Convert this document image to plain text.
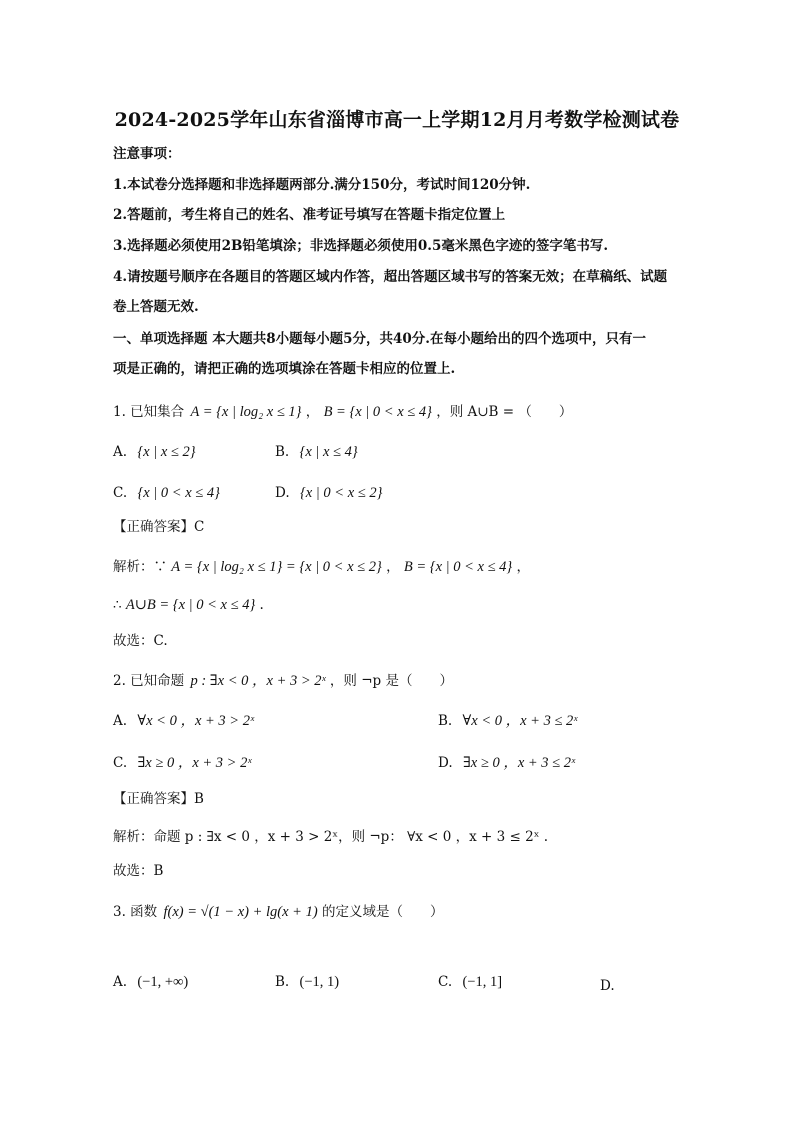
2024-2025学年山东省淄博市高一上学期12月月考数学检测试卷
注意事项：
1.本试卷分选择题和非选择题两部分.满分150分，考试时间120分钟.
2.答题前，考生将自己的姓名、准考证号填写在答题卡指定位置上
3.选择题必须使用2B铅笔填涂；非选择题必须使用0.5毫米黑色字迹的签字笔书写.
4.请按题号顺序在各题目的答题区域内作答，超出答题区域书写的答案无效；在草稿纸、试题
卷上答题无效.
一、单项选择题 本大题共8小题每小题5分，共40分.在每小题给出的四个选项中，只有一
项是正确的，请把正确的选项填涂在答题卡相应的位置上.
1. 已知集合 A = {x | log₂ x ≤ 1} ， B = {x | 0 < x ≤ 4} ，则 A∪B = （　　）
A. {x | x ≤ 2}	B. {x | x ≤ 4}
C. {x | 0 < x ≤ 4}	D. {x | 0 < x ≤ 2}
【正确答案】C
解析：∵ A = {x | log₂ x ≤ 1} = {x | 0 < x ≤ 2} ， B = {x | 0 < x ≤ 4} ，
∴ A∪B = {x | 0 < x ≤ 4} .
故选：C.
2. 已知命题 p : ∃x < 0 ，x + 3 > 2ˣ ，则 ¬p 是（　　）
A. ∀x < 0 ，x + 3 > 2ˣ	B. ∀x < 0 ，x + 3 ≤ 2ˣ
C. ∃x ≥ 0 ，x + 3 > 2ˣ	D. ∃x ≥ 0 ，x + 3 ≤ 2ˣ
【正确答案】B
解析：命题 p : ∃x < 0 ，x + 3 > 2ˣ，则 ¬p： ∀x < 0 ，x + 3 ≤ 2ˣ .
故选：B
3. 函数 f(x) = √(1 − x) + lg(x + 1) 的定义域是（　　）
A. (−1, +∞)	B. (−1, 1)	C. (−1, 1]	D.
